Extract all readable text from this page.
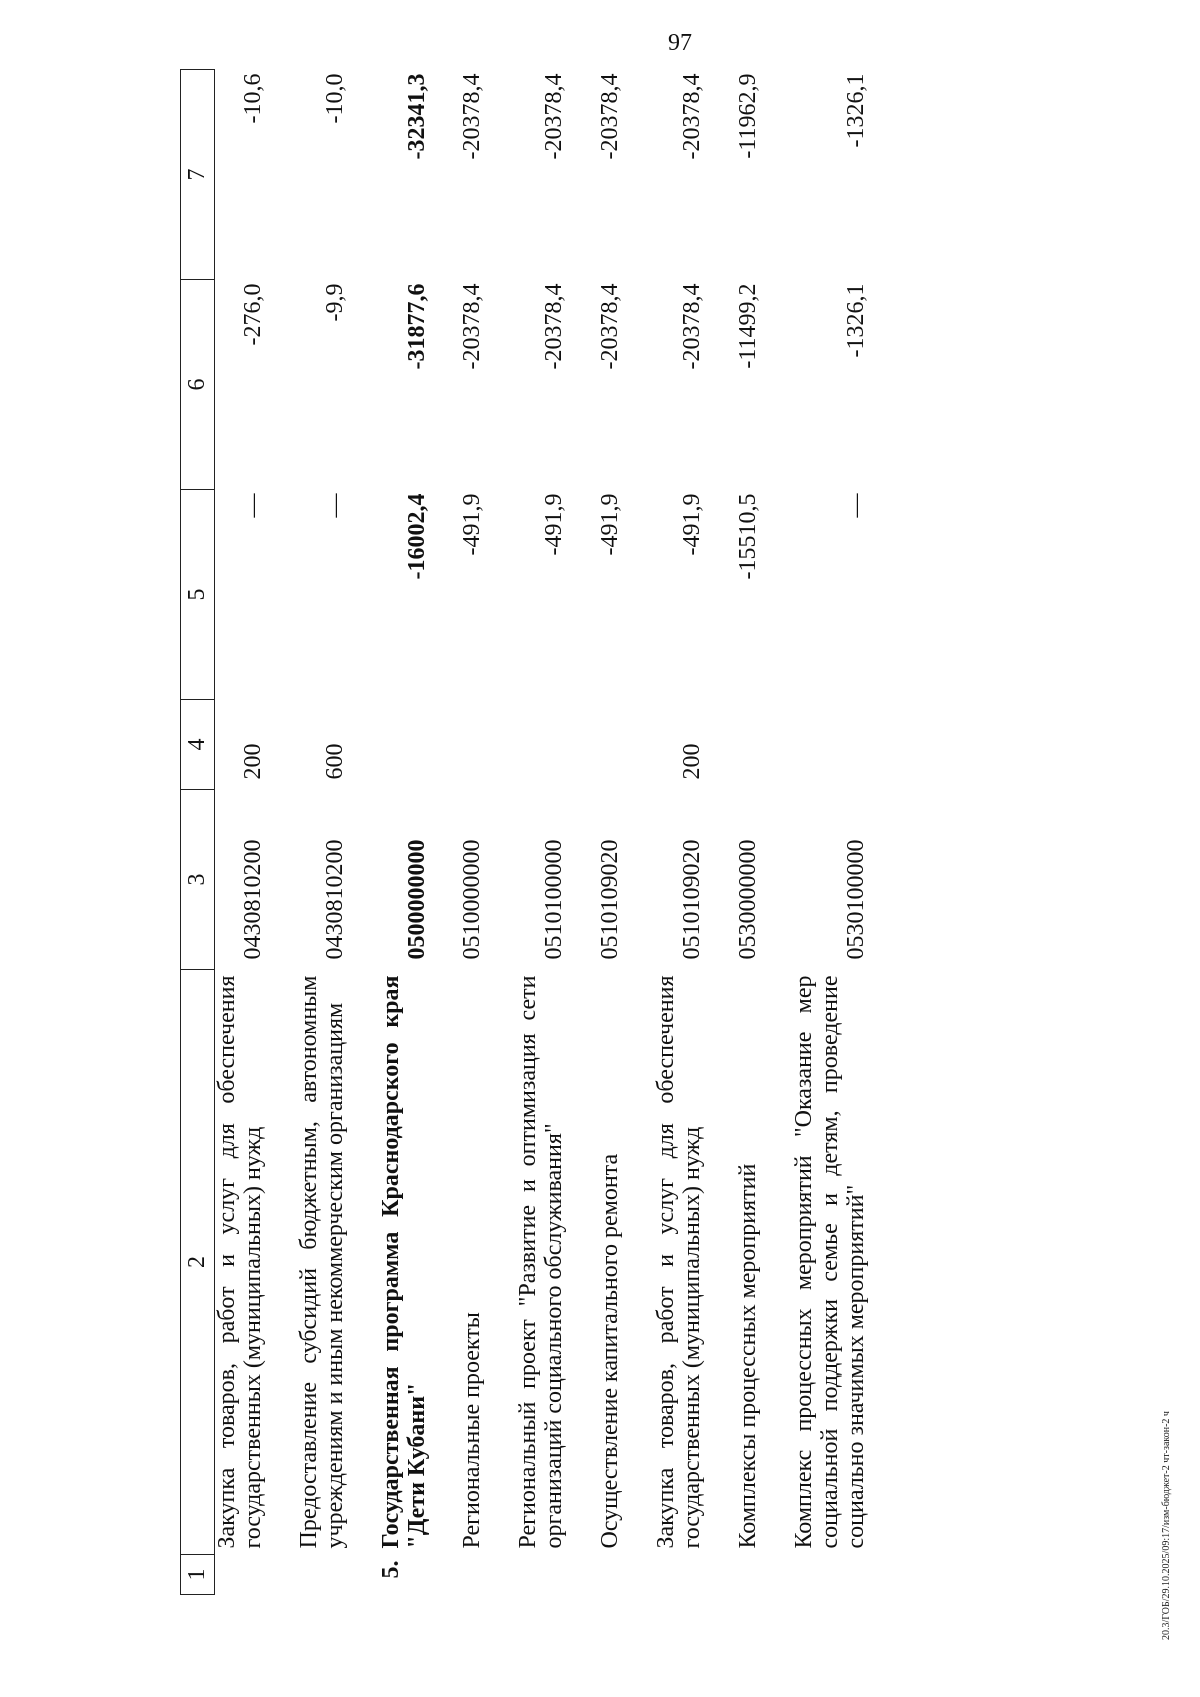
97
20.3/ГОБ/29.10.2025/09:17/изм-бюджет-2 чт-закон-2 ч
1	2	3	4	5	6	7
	Закупка товаров, работ и услуг для обеспечения государственных (муниципальных) нужд	0430810200	200	—	-276,0	-10,6
	Предоставление субсидий бюджетным, автономным учреждениям и иным некоммерческим организациям	0430810200	600	—	-9,9	-10,0
5.	Государственная программа Краснодарского края "Дети Кубани"	0500000000		-16002,4	-31877,6	-32341,3
	Региональные проекты	0510000000		-491,9	-20378,4	-20378,4
	Региональный проект "Развитие и оптимизация сети организаций социального обслуживания"	0510100000		-491,9	-20378,4	-20378,4
	Осуществление капитального ремонта	0510109020		-491,9	-20378,4	-20378,4
	Закупка товаров, работ и услуг для обеспечения государственных (муниципальных) нужд	0510109020	200	-491,9	-20378,4	-20378,4
	Комплексы процессных мероприятий	0530000000		-15510,5	-11499,2	-11962,9
	Комплекс процессных мероприятий "Оказание мер социальной поддержки семье и детям, проведение социально значимых мероприятий"	0530100000		—	-1326,1	-1326,1
